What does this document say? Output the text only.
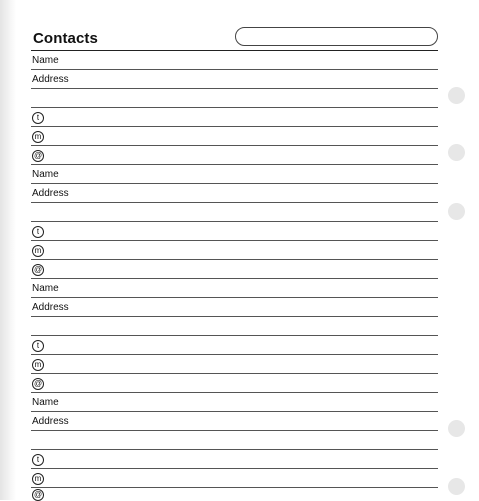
Contacts
Name
Address
t
m
@
Name
Address
t
m
@
Name
Address
t
m
@
Name
Address
t
m
@
